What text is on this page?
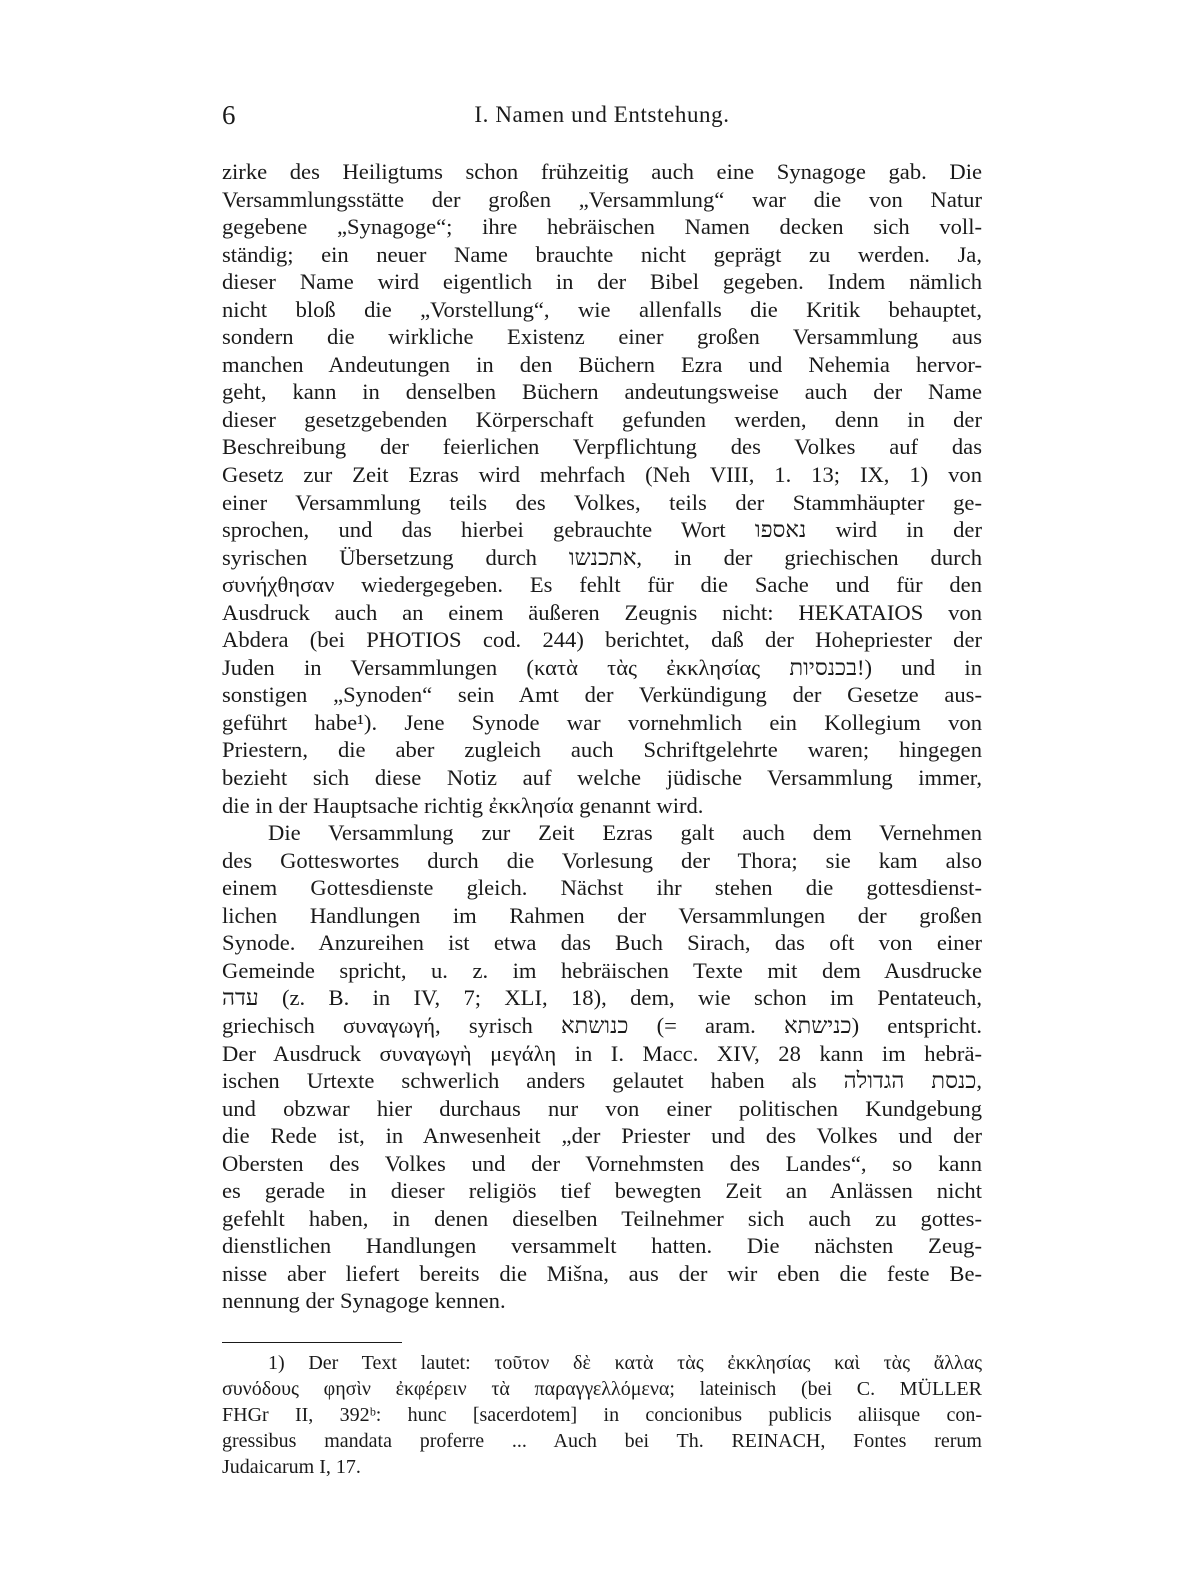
6	I. Namen und Entstehung.
zirke des Heiligtums schon frühzeitig auch eine Synagoge gab. Die
Versammlungsstätte der großen „Versammlung“ war die von Natur
gegebene „Synagoge“; ihre hebräischen Namen decken sich voll-
ständig; ein neuer Name brauchte nicht geprägt zu werden. Ja,
dieser Name wird eigentlich in der Bibel gegeben. Indem nämlich
nicht bloß die „Vorstellung“, wie allenfalls die Kritik behauptet,
sondern die wirkliche Existenz einer großen Versammlung aus
manchen Andeutungen in den Büchern Ezra und Nehemia hervor-
geht, kann in denselben Büchern andeutungsweise auch der Name
dieser gesetzgebenden Körperschaft gefunden werden, denn in der
Beschreibung der feierlichen Verpflichtung des Volkes auf das
Gesetz zur Zeit Ezras wird mehrfach (Neh VIII, 1. 13; IX, 1) von
einer Versammlung teils des Volkes, teils der Stammhäupter ge-
sprochen, und das hierbei gebrauchte Wort נאספו wird in der
syrischen Übersetzung durch אתכנשו, in der griechischen durch
συνήχθησαν wiedergegeben. Es fehlt für die Sache und für den
Ausdruck auch an einem äußeren Zeugnis nicht: HEKATAIOS von
Abdera (bei PHOTIOS cod. 244) berichtet, daß der Hohepriester der
Juden in Versammlungen (κατὰ τὰς ἐκκλησίας בכנסיות!) und in
sonstigen „Synoden“ sein Amt der Verkündigung der Gesetze aus-
geführt habe¹). Jene Synode war vornehmlich ein Kollegium von
Priestern, die aber zugleich auch Schriftgelehrte waren; hingegen
bezieht sich diese Notiz auf welche jüdische Versammlung immer,
die in der Hauptsache richtig ἐκκλησία genannt wird.
Die Versammlung zur Zeit Ezras galt auch dem Vernehmen
des Gotteswortes durch die Vorlesung der Thora; sie kam also
einem Gottesdienste gleich. Nächst ihr stehen die gottesdienst-
lichen Handlungen im Rahmen der Versammlungen der großen
Synode. Anzureihen ist etwa das Buch Sirach, das oft von einer
Gemeinde spricht, u. z. im hebräischen Texte mit dem Ausdrucke
עדה (z. B. in IV, 7; XLI, 18), dem, wie schon im Pentateuch,
griechisch συναγωγή, syrisch כנושתא (= aram. כנישתא) entspricht.
Der Ausdruck συναγωγὴ μεγάλη in I. Macc. XIV, 28 kann im hebrä-
ischen Urtexte schwerlich anders gelautet haben als כנסת הגדולה,
und obzwar hier durchaus nur von einer politischen Kundgebung
die Rede ist, in Anwesenheit „der Priester und des Volkes und der
Obersten des Volkes und der Vornehmsten des Landes“, so kann
es gerade in dieser religiös tief bewegten Zeit an Anlässen nicht
gefehlt haben, in denen dieselben Teilnehmer sich auch zu gottes-
dienstlichen Handlungen versammelt hatten. Die nächsten Zeug-
nisse aber liefert bereits die Mišna, aus der wir eben die feste Be-
nennung der Synagoge kennen.
1) Der Text lautet: τοῦτον δὲ κατὰ τὰς ἐκκλησίας καὶ τὰς ἄλλας
συνόδους φησὶν ἐκφέρειν τὰ παραγγελλόμενα; lateinisch (bei C. MÜLLER
FHGr II, 392ᵇ: hunc [sacerdotem] in concionibus publicis aliisque con-
gressibus mandata proferre ... Auch bei Th. REINACH, Fontes rerum
Judaicarum I, 17.
